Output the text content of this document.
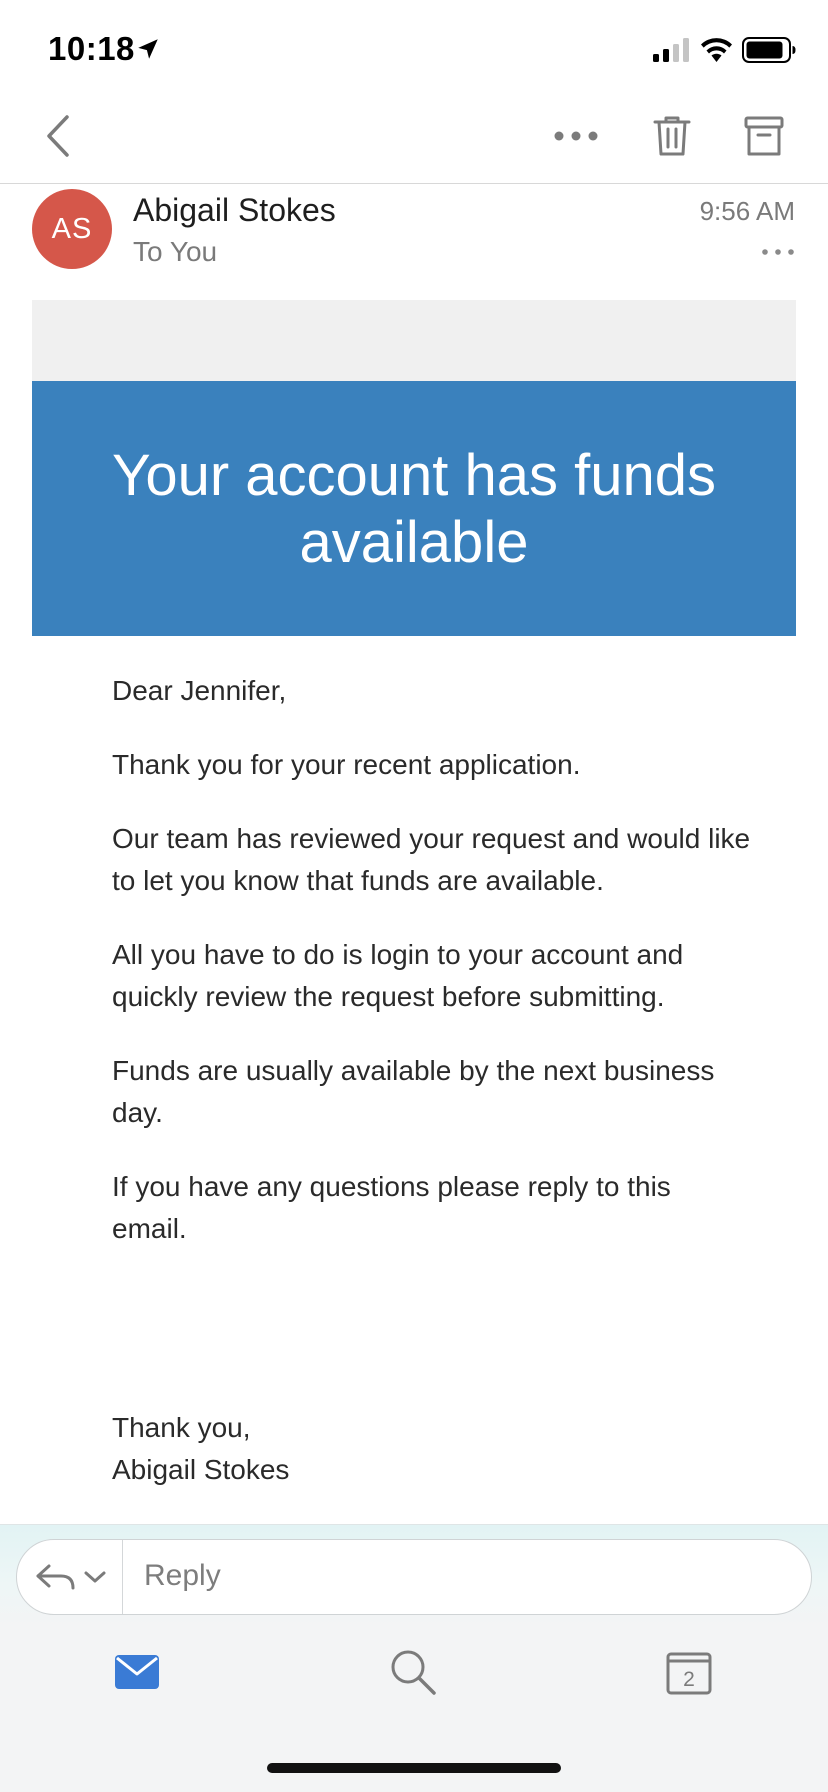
10:18
AS
Abigail Stokes
To You
9:56 AM
Your account has funds available

Dear Jennifer,

Thank you for your recent application.

Our team has reviewed your request and would like to let you know that funds are available.

All you have to do is login to your account and quickly review the request before submitting.

Funds are usually available by the next business day.

If you have any questions please reply to this email.

Thank you,
Abigail Stokes
Reply
2
